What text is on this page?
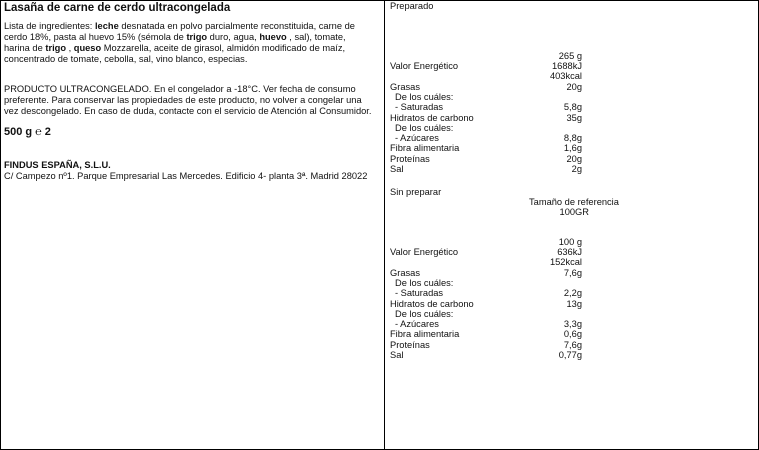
Lasaña de carne de cerdo ultracongelada
Lista de ingredientes: leche desnatada en polvo parcialmente reconstituida, carne de cerdo 18%, pasta al huevo 15% (sémola de trigo duro, agua, huevo , sal), tomate, harina de trigo , queso Mozzarella, aceite de girasol, almidón modificado de maíz, concentrado de tomate, cebolla, sal, vino blanco, especias.
PRODUCTO ULTRACONGELADO. En el congelador a -18°C. Ver fecha de consumo preferente. Para conservar las propiedades de este producto, no volver a congelar una vez descongelado. En caso de duda, contacte con el servicio de Atención al Consumidor.
500 g ℮ 2
FINDUS ESPAÑA, S.L.U.
C/ Campezo nº1. Parque Empresarial Las Mercedes. Edificio 4- planta 3ª. Madrid 28022
Preparado
265 g
Valor Energético	1688kJ
403kcal
Grasas	20g
De los cuáles:
- Saturadas	5,8g
Hidratos de carbono	35g
De los cuáles:
- Azúcares	8,8g
Fibra alimentaria	1,6g
Proteínas	20g
Sal	2g
Sin preparar
Tamaño de referencia
100GR
100 g
Valor Energético	636kJ
152kcal
Grasas	7,6g
De los cuáles:
- Saturadas	2,2g
Hidratos de carbono	13g
De los cuáles:
- Azúcares	3,3g
Fibra alimentaria	0,6g
Proteínas	7,6g
Sal	0,77g
